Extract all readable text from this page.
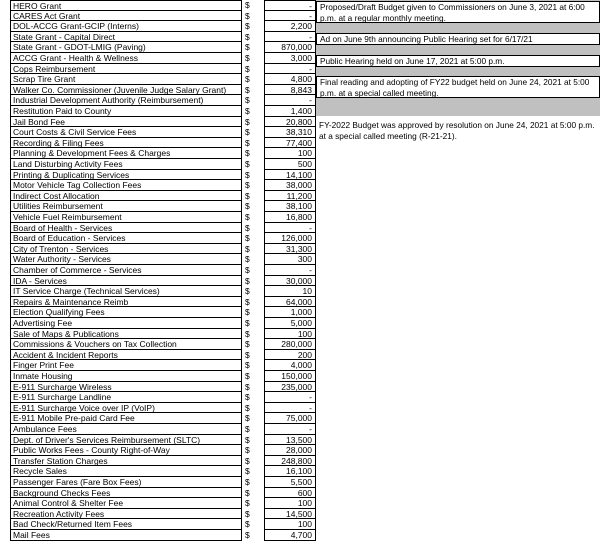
HERO Grant	$	-
CARES Act Grant	$	-
DOL-ACCG Grant-GCIP (Interns)	$	2,200
State Grant - Capital Direct	$	-
State Grant - GDOT-LMIG (Paving)	$	870,000
ACCG Grant - Health & Wellness	$	3,000
Cops Reimbursement	$	-
Scrap Tire Grant	$	4,800
Walker Co. Commissioner (Juvenile Judge Salary Grant)	$	8,843
Industrial Development Authority (Reimbursement)	$	-
Restitution Paid to County	$	1,400
Jail Bond Fee	$	20,800
Court Costs & Civil Service Fees	$	38,310
Recording & Filing Fees	$	77,400
Planning & Development Fees & Charges	$	100
Land Disturbing Activity Fees	$	500
Printing & Duplicating Services	$	14,100
Motor Vehicle Tag Collection Fees	$	38,000
Indirect Cost Allocation	$	11,200
Utilities Reimbursement	$	38,100
Vehicle Fuel Reimbursement	$	16,800
Board of Health - Services	$	-
Board of Education - Services	$	126,000
City of Trenton - Services	$	31,300
Water Authority - Services	$	300
Chamber of Commerce - Services	$	-
IDA - Services	$	30,000
IT Service Charge (Technical Services)	$	10
Repairs & Maintenance Reimb	$	64,000
Election Qualifying Fees	$	1,000
Advertising Fee	$	5,000
Sale of Maps & Publications	$	100
Commissions & Vouchers on Tax Collection	$	280,000
Accident & Incident Reports	$	200
Finger Print Fee	$	4,000
Inmate Housing	$	150,000
E-911 Surcharge Wireless	$	235,000
E-911 Surcharge Landline	$	-
E-911 Surcharge Voice over IP (VoIP)	$	-
E-911 Mobile Pre-paid Card Fee	$	75,000
Ambulance Fees	$	-
Dept. of Driver's Services Reimbursement (SLTC)	$	13,500
Public Works Fees - County Right-of-Way	$	28,000
Transfer Station Charges	$	248,800
Recycle Sales	$	16,100
Passenger Fares (Fare Box Fees)	$	5,500
Background Checks Fees	$	600
Animal Control & Shelter Fee	$	100
Recreation Activity Fees	$	14,500
Bad Check/Returned Item Fees	$	100
Mail Fees	$	4,700
Proposed/Draft Budget given to Commissioners on June 3, 2021 at 6:00 p.m. at a regular monthly meeting.
Ad on June 9th announcing Public Hearing set for 6/17/21
Public Hearing held on June 17, 2021 at 5:00 p.m.
Final reading and adopting of FY22 budget held on June 24, 2021 at 5:00 p.m. at a special called meeting.
FY-2022 Budget was approved by resolution on June 24, 2021 at 5:00 p.m. at a special called meeting (R-21-21).
